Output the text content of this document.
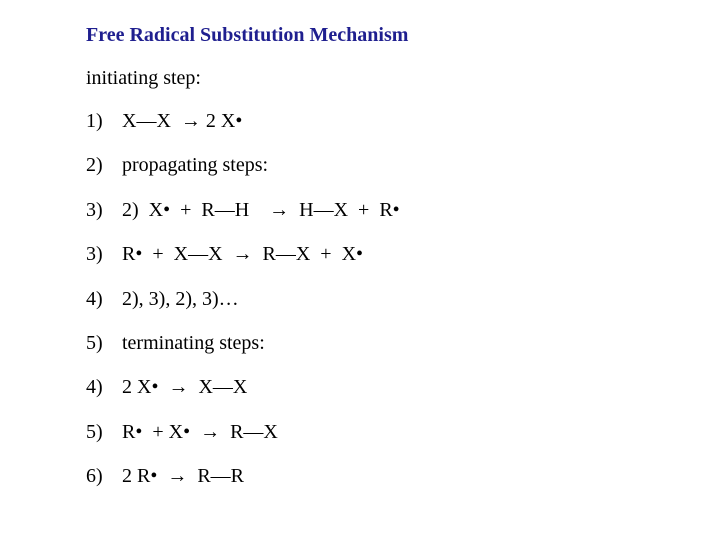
Free Radical Substitution Mechanism
initiating step:
1) X—X  → 2 X•
2) propagating steps:
3) 2)  X•  +  R—H    →  H—X  +  R•
3) R•  +  X—X  →  R—X  +  X•
4) 2), 3), 2), 3)…
5) terminating steps:
4) 2 X•  →  X—X
5) R•  + X•  →  R—X
6) 2 R•  →  R—R
